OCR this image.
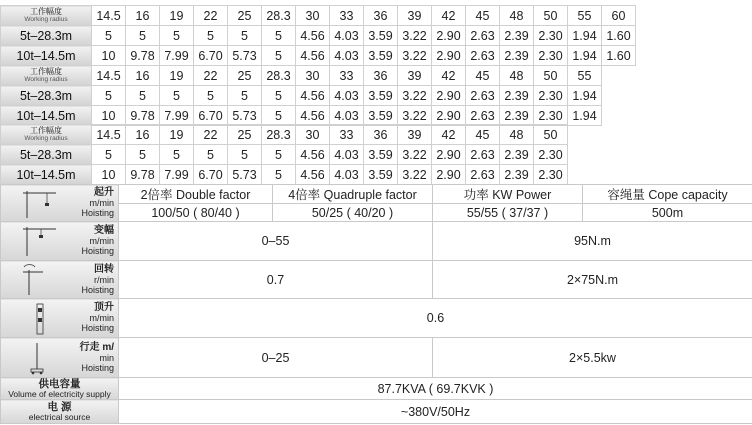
工作幅度
Working radius	14.5	16	19	22	25	28.3	30	33	36	39	42	45	48	50	55	60
5t–28.3m	5	5	5	5	5	5	4.56	4.03	3.59	3.22	2.90	2.63	2.39	2.30	1.94	1.60
10t–14.5m	10	9.78	7.99	6.70	5.73	5	4.56	4.03	3.59	3.22	2.90	2.63	2.39	2.30	1.94	1.60
工作幅度
Working radius	14.5	16	19	22	25	28.3	30	33	36	39	42	45	48	50	55
5t–28.3m	5	5	5	5	5	5	4.56	4.03	3.59	3.22	2.90	2.63	2.39	2.30	1.94
10t–14.5m	10	9.78	7.99	6.70	5.73	5	4.56	4.03	3.59	3.22	2.90	2.63	2.39	2.30	1.94
工作幅度
Working radius	14.5	16	19	22	25	28.3	30	33	36	39	42	45	48	50
5t–28.3m	5	5	5	5	5	5	4.56	4.03	3.59	3.22	2.90	2.63	2.39	2.30
10t–14.5m	10	9.78	7.99	6.70	5.73	5	4.56	4.03	3.59	3.22	2.90	2.63	2.39	2.30
起升
m/min
Hoisting	2倍率 Double factor	4倍率 Quadruple factor	功率 KW Power	容绳量 Cope capacity
	100/50 ( 80/40 )	50/25 ( 40/20 )	55/55 ( 37/37 )	500m

变幅
m/min
Hoisting	0–55		95N.m	

回转
r/min
Hoisting	0.7		2×75N.m	

顶升
m/min
Hoisting	0.6			

行走 m/
min
Hoisting	0–25		2×5.5kw	

供电容量
Volume of electricity supply	87.7KVA ( 69.7KVK )			

电 源
electrical source	~380V/50Hz			
